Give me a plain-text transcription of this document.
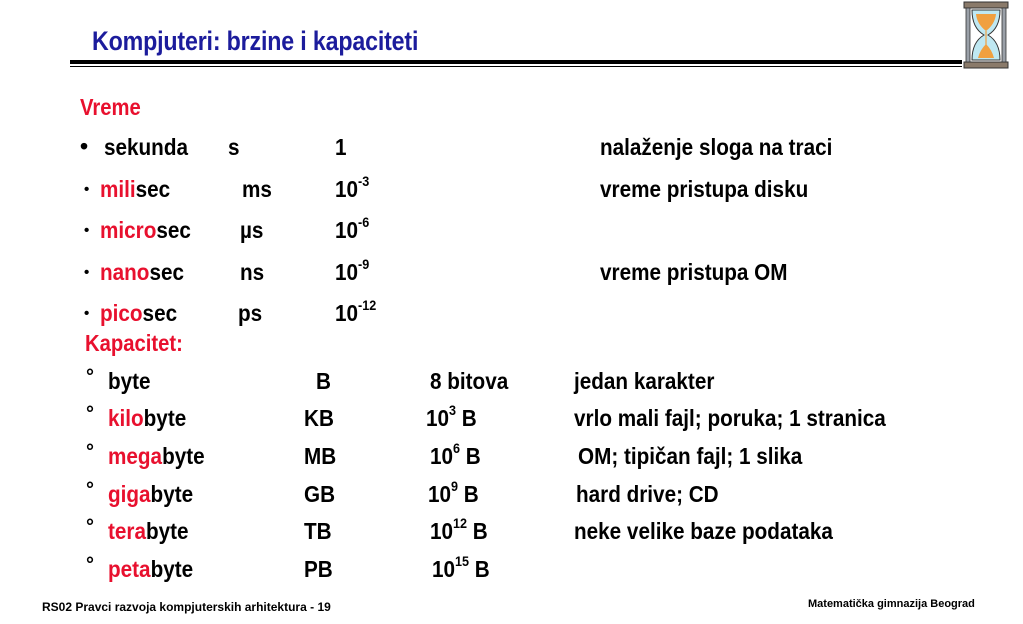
Kompjuteri: brzine i kapaciteti
Vreme
• sekunda s	1	nalaženje sloga na traci
• milisec	ms	$10^{-3}$	vreme pristupa disku
• microsec µs	$10^{-6}$
• nanosec ns	$10^{-9}$	vreme pristupa OM
• picosec	ps	$10^{-12}$
Kapacitet:
° byte	B	8 bitova	jedan karakter
° kilobyte	KB	$10^3$ B	vrlo mali fajl; poruka; 1 stranica
° megabyte	MB	$10^6$ B	OM; tipičan fajl; 1 slika
° gigabyte	GB	$10^9$ B	hard drive; CD
° terabyte	TB	$10^{12}$ B	neke velike baze podataka
° petabyte	PB	$10^{15}$ B
RS02 Pravci razvoja kompjuterskih arhitektura - 19	Matematička gimnazija Beograd
